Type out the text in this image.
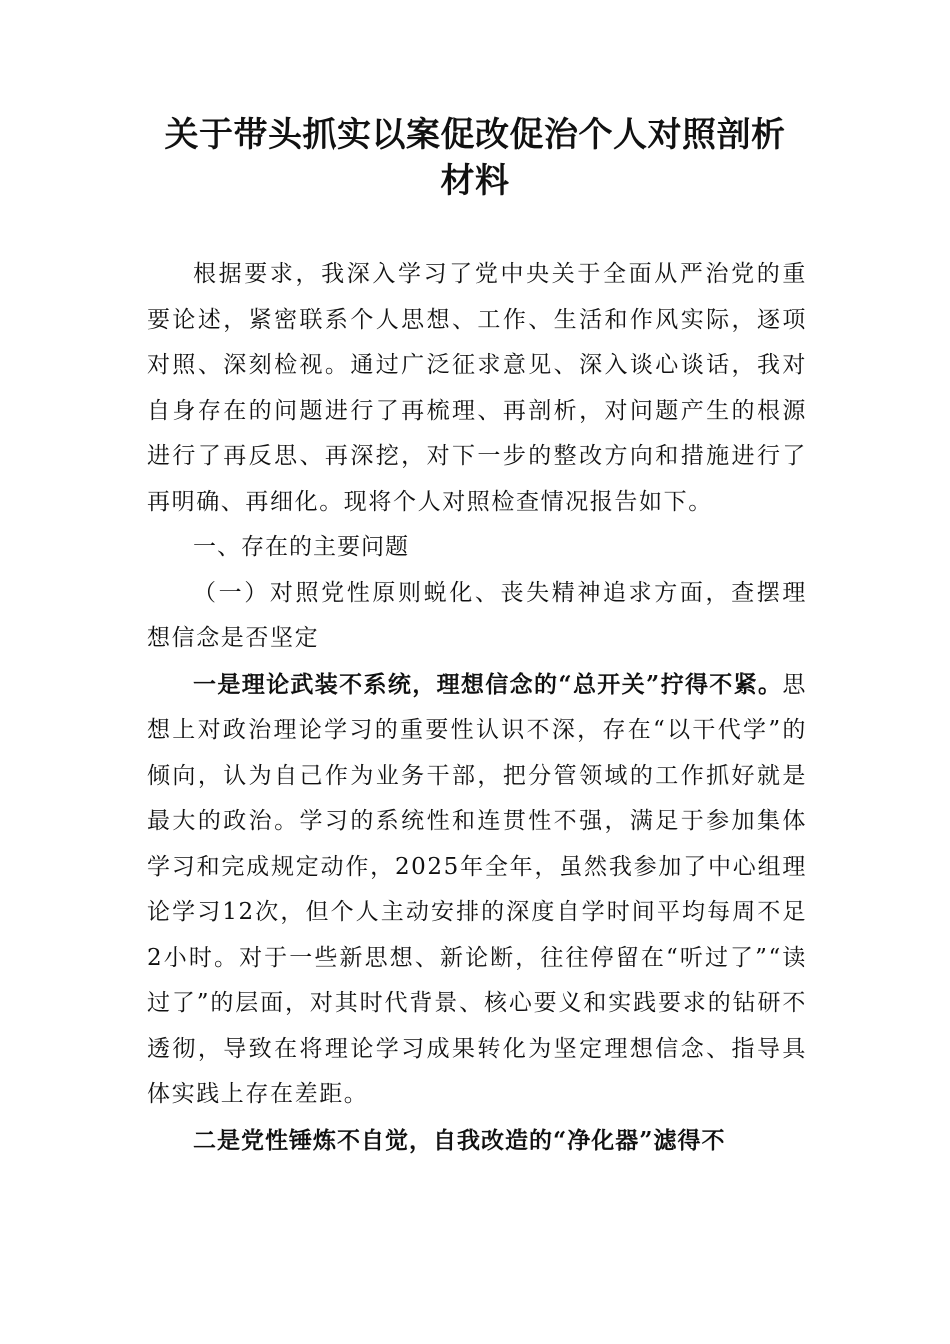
关于带头抓实以案促改促治个人对照剖析
材料

根据要求，我深入学习了党中央关于全面从严治党的重要论述，紧密联系个人思想、工作、生活和作风实际，逐项对照、深刻检视。通过广泛征求意见、深入谈心谈话，我对自身存在的问题进行了再梳理、再剖析，对问题产生的根源进行了再反思、再深挖，对下一步的整改方向和措施进行了再明确、再细化。现将个人对照检查情况报告如下。

一、存在的主要问题

（一）对照党性原则蜕化、丧失精神追求方面，查摆理想信念是否坚定

一是理论武装不系统，理想信念的“总开关”拧得不紧。思想上对政治理论学习的重要性认识不深，存在“以干代学”的倾向，认为自己作为业务干部，把分管领域的工作抓好就是最大的政治。学习的系统性和连贯性不强，满足于参加集体学习和完成规定动作，2025年全年，虽然我参加了中心组理论学习12次，但个人主动安排的深度自学时间平均每周不足2小时。对于一些新思想、新论断，往往停留在“听过了”“读过了”的层面，对其时代背景、核心要义和实践要求的钻研不透彻，导致在将理论学习成果转化为坚定理想信念、指导具体实践上存在差距。

二是党性锤炼不自觉，自我改造的“净化器”滤得不
